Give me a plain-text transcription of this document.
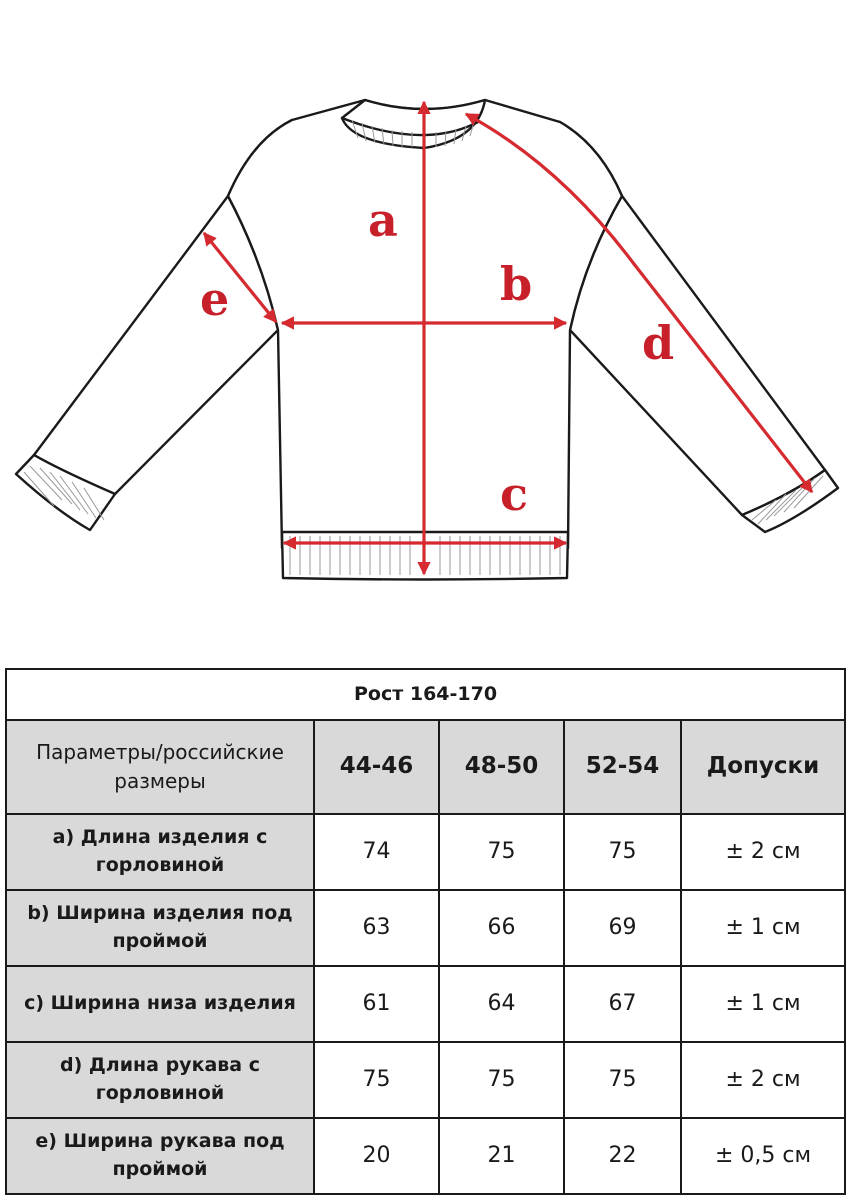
a
b
c
d
e
Рост 164-170				
Параметры/российские размеры	44-46	48-50	52-54	Допуски
a) Длина изделия с горловиной	74	75	75	± 2 см
b) Ширина изделия под проймой	63	66	69	± 1 см
c) Ширина низа изделия	61	64	67	± 1 см
d) Длина рукава с горловиной	75	75	75	± 2 см
e) Ширина рукава под проймой	20	21	22	± 0,5 см
